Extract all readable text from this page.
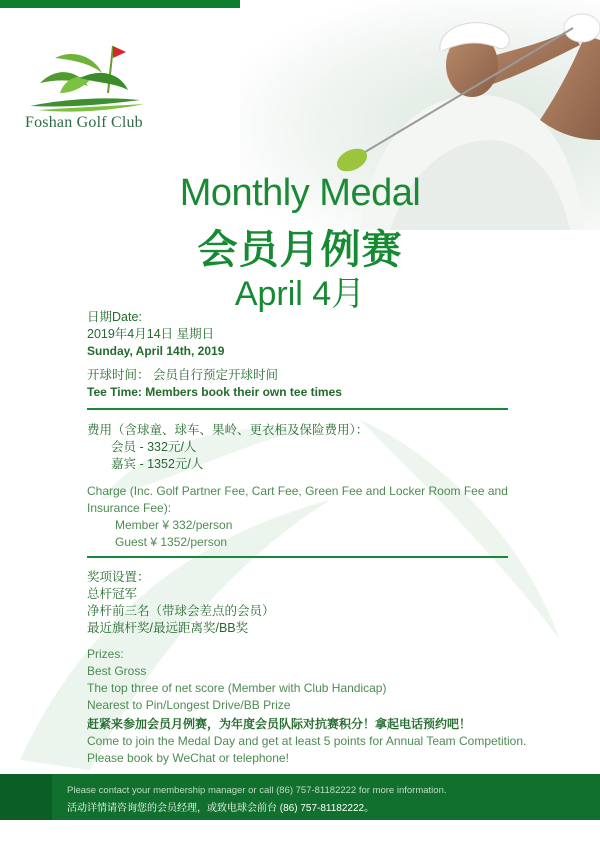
Foshan Golf Club
Monthly Medal
会员月例赛
April 4月
日期Date:
2019年4月14日 星期日
Sunday, April 14th, 2019
开球时间： 会员自行预定开球时间
Tee Time: Members book their own tee times
费用（含球童、球车、果岭、更衣柜及保险费用）：
会员 - 332元/人
嘉宾 - 1352元/人
Charge (Inc. Golf Partner Fee, Cart Fee, Green Fee and Locker Room Fee and
Insurance Fee):
Member ¥ 332/person
Guest ¥ 1352/person
奖项设置：
总杆冠军
净杆前三名（带球会差点的会员）
最近旗杆奖/最远距离奖/BB奖
Prizes:
Best Gross
The top three of net score (Member with Club Handicap)
Nearest to Pin/Longest Drive/BB Prize
赶紧来参加会员月例赛，为年度会员队际对抗赛积分！拿起电话预约吧！
Come to join the Medal Day and get at least 5 points for Annual Team Competition.
Please book by WeChat or telephone!
Please contact your membership manager or call (86) 757-81182222 for more information.
活动详情请咨询您的会员经理，或致电球会前台 (86) 757-81182222。
